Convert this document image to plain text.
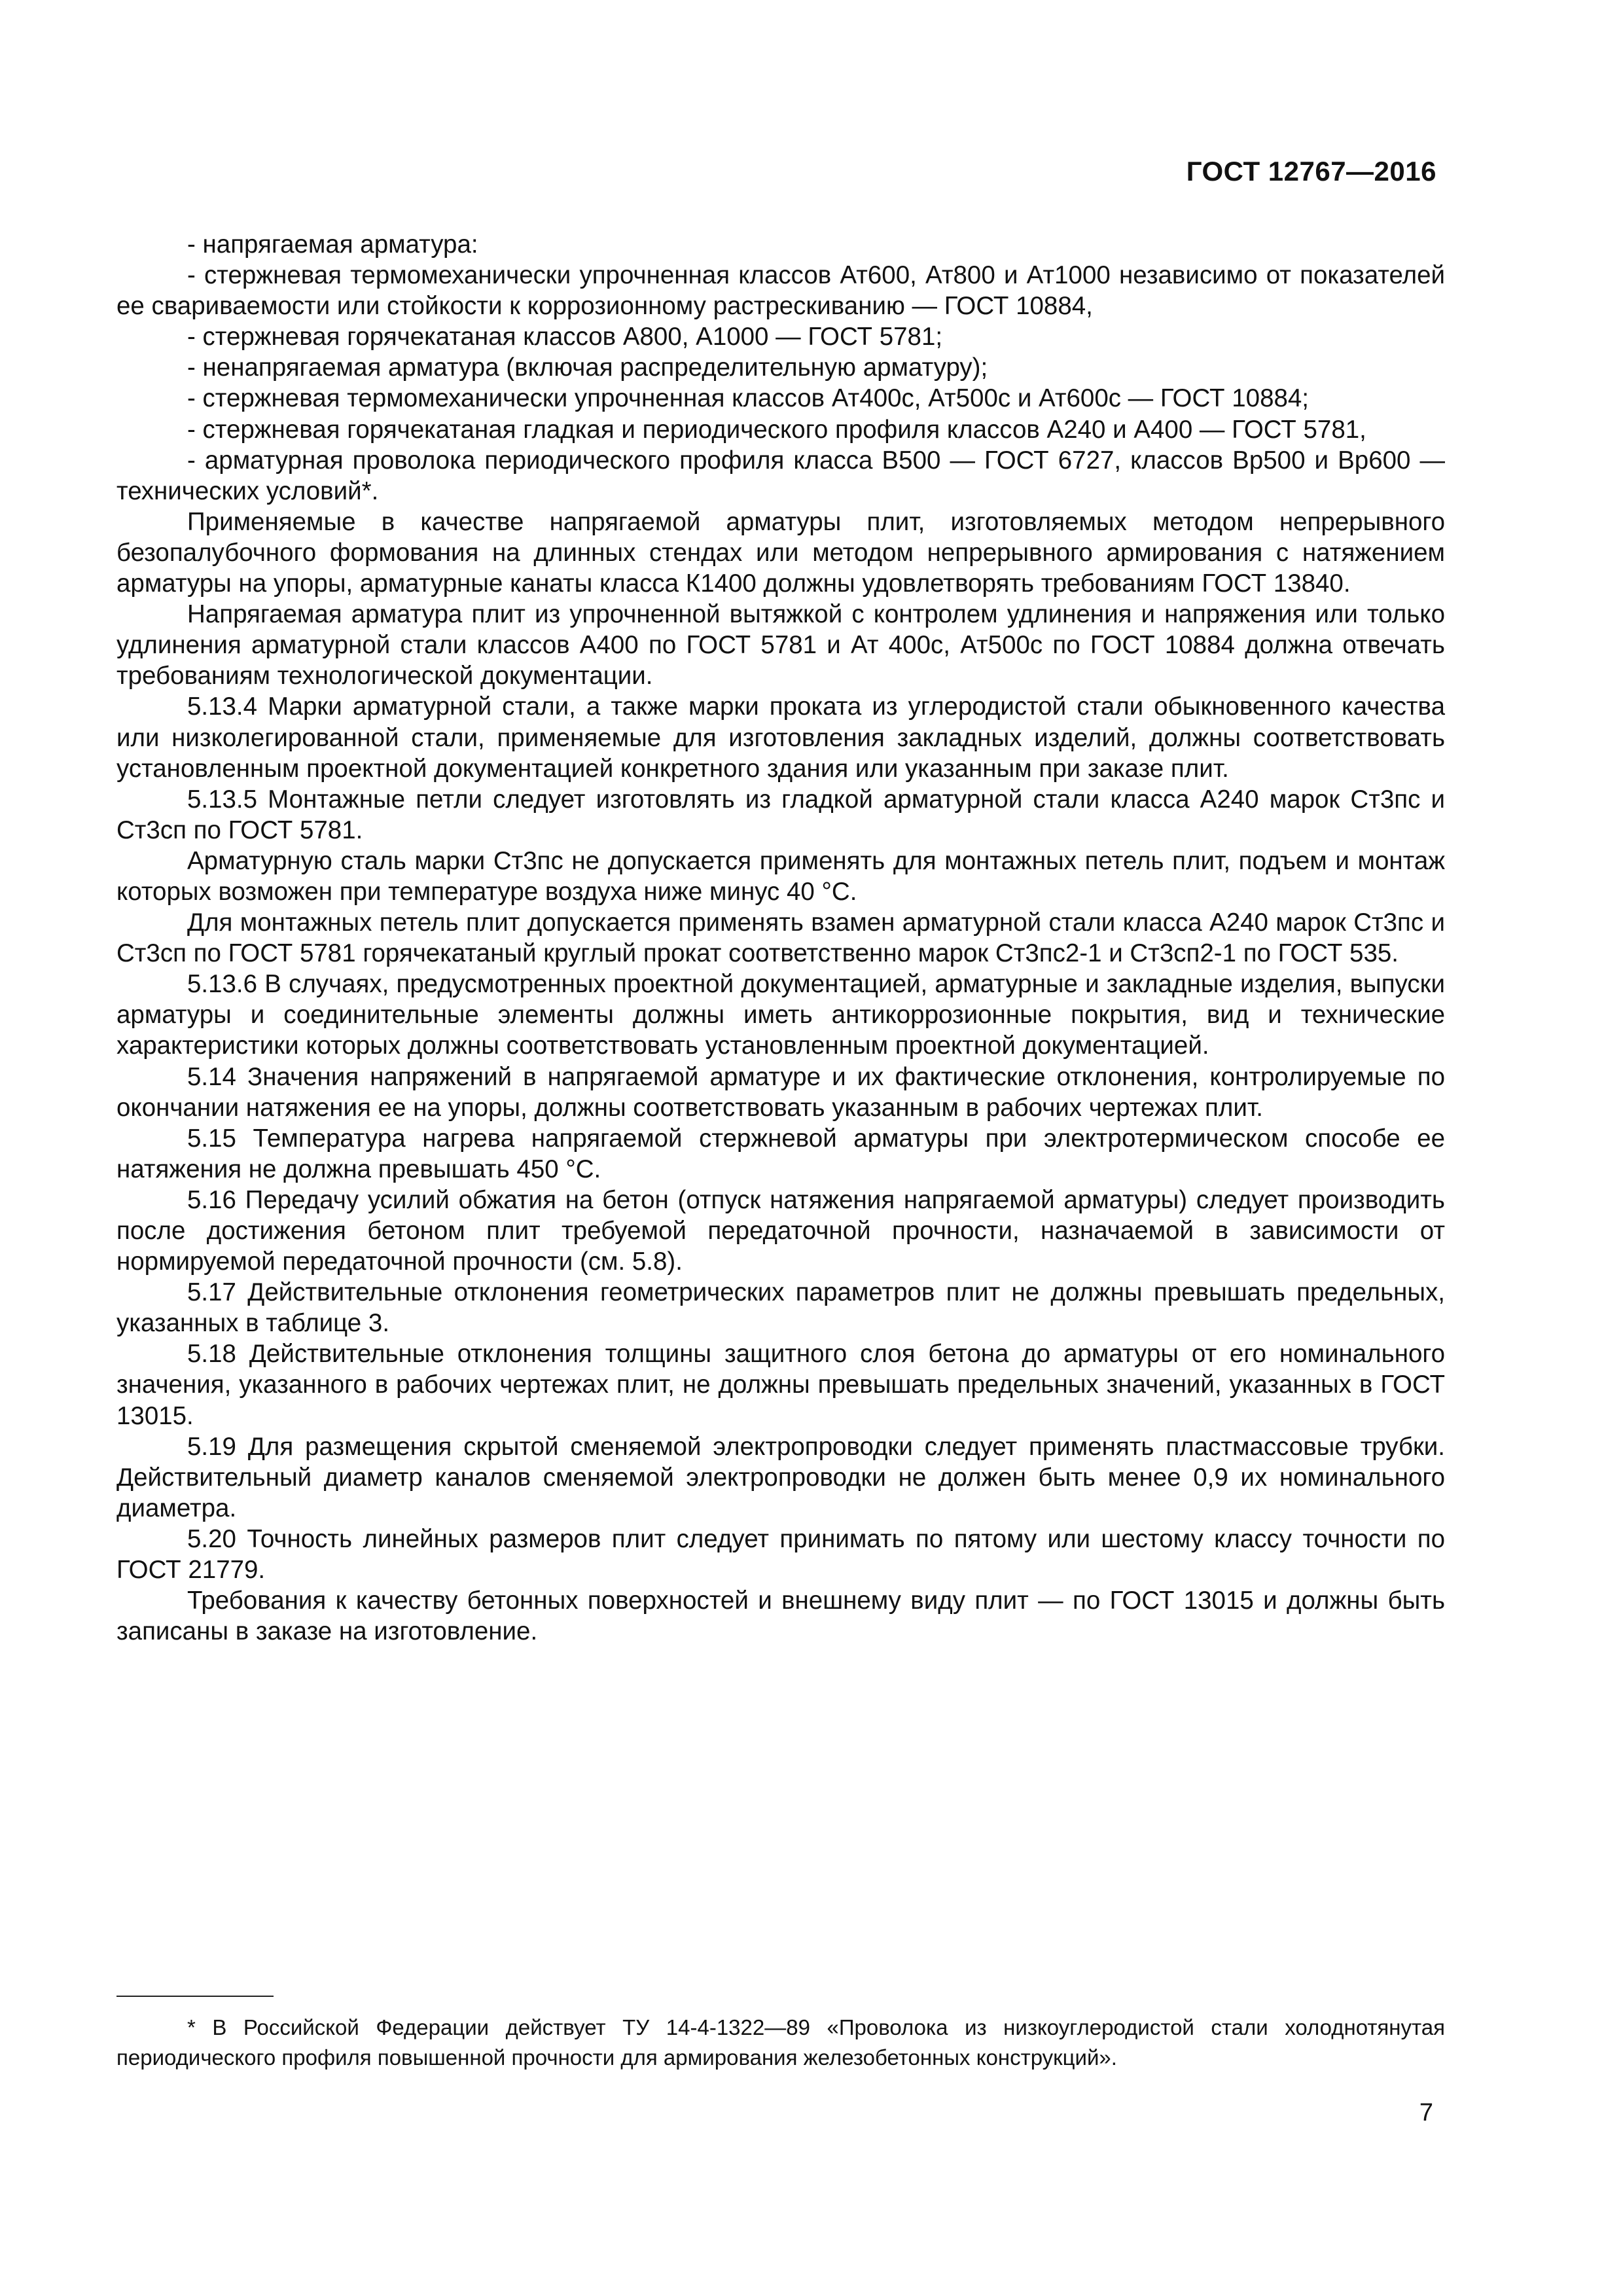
ГОСТ 12767—2016

- напрягаемая арматура:

- стержневая термомеханически упрочненная классов Ат600, Ат800 и Ат1000 независимо от показателей ее свариваемости или стойкости к коррозионному растрескиванию — ГОСТ 10884,

- стержневая горячекатаная классов А800, А1000 — ГОСТ 5781;

- ненапрягаемая арматура (включая распределительную арматуру);

- стержневая термомеханически упрочненная классов Ат400с, Ат500с и Ат600с — ГОСТ 10884;

- стержневая горячекатаная гладкая и периодического профиля классов А240 и А400 — ГОСТ 5781,

- арматурная проволока периодического профиля класса В500 — ГОСТ 6727, классов Вр500 и Вр600 — технических условий*.

Применяемые в качестве напрягаемой арматуры плит, изготовляемых методом непрерывного безопалубочного формования на длинных стендах или методом непрерывного армирования с натяжением арматуры на упоры, арматурные канаты класса К1400 должны удовлетворять требованиям ГОСТ 13840.

Напрягаемая арматура плит из упрочненной вытяжкой с контролем удлинения и напряжения или только удлинения арматурной стали классов А400 по ГОСТ 5781 и Ат 400с, Ат500с по ГОСТ 10884 должна отвечать требованиям технологической документации.

5.13.4 Марки арматурной стали, а также марки проката из углеродистой стали обыкновенного качества или низколегированной стали, применяемые для изготовления закладных изделий, должны соответствовать установленным проектной документацией конкретного здания или указанным при заказе плит.

5.13.5 Монтажные петли следует изготовлять из гладкой арматурной стали класса А240 марок Ст3пс и Ст3сп по ГОСТ 5781.

Арматурную сталь марки Ст3пс не допускается применять для монтажных петель плит, подъем и монтаж которых возможен при температуре воздуха ниже минус 40 °С.

Для монтажных петель плит допускается применять взамен арматурной стали класса А240 марок Ст3пс и Ст3сп по ГОСТ 5781 горячекатаный круглый прокат соответственно марок Ст3пс2-1 и Ст3сп2-1 по ГОСТ 535.

5.13.6 В случаях, предусмотренных проектной документацией, арматурные и закладные изделия, выпуски арматуры и соединительные элементы должны иметь антикоррозионные покрытия, вид и технические характеристики которых должны соответствовать установленным проектной документацией.

5.14 Значения напряжений в напрягаемой арматуре и их фактические отклонения, контролируемые по окончании натяжения ее на упоры, должны соответствовать указанным в рабочих чертежах плит.

5.15 Температура нагрева напрягаемой стержневой арматуры при электротермическом способе ее натяжения не должна превышать 450 °С.

5.16 Передачу усилий обжатия на бетон (отпуск натяжения напрягаемой арматуры) следует производить после достижения бетоном плит требуемой передаточной прочности, назначаемой в зависимости от нормируемой передаточной прочности (см. 5.8).

5.17 Действительные отклонения геометрических параметров плит не должны превышать предельных, указанных в таблице 3.

5.18 Действительные отклонения толщины защитного слоя бетона до арматуры от его номинального значения, указанного в рабочих чертежах плит, не должны превышать предельных значений, указанных в ГОСТ 13015.

5.19 Для размещения скрытой сменяемой электропроводки следует применять пластмассовые трубки. Действительный диаметр каналов сменяемой электропроводки не должен быть менее 0,9 их номинального диаметра.

5.20 Точность линейных размеров плит следует принимать по пятому или шестому классу точности по ГОСТ 21779.

Требования к качеству бетонных поверхностей и внешнему виду плит — по ГОСТ 13015 и должны быть записаны в заказе на изготовление.

* В Российской Федерации действует ТУ 14-4-1322—89 «Проволока из низкоуглеродистой стали холоднотянутая периодического профиля повышенной прочности для армирования железобетонных конструкций».

7
